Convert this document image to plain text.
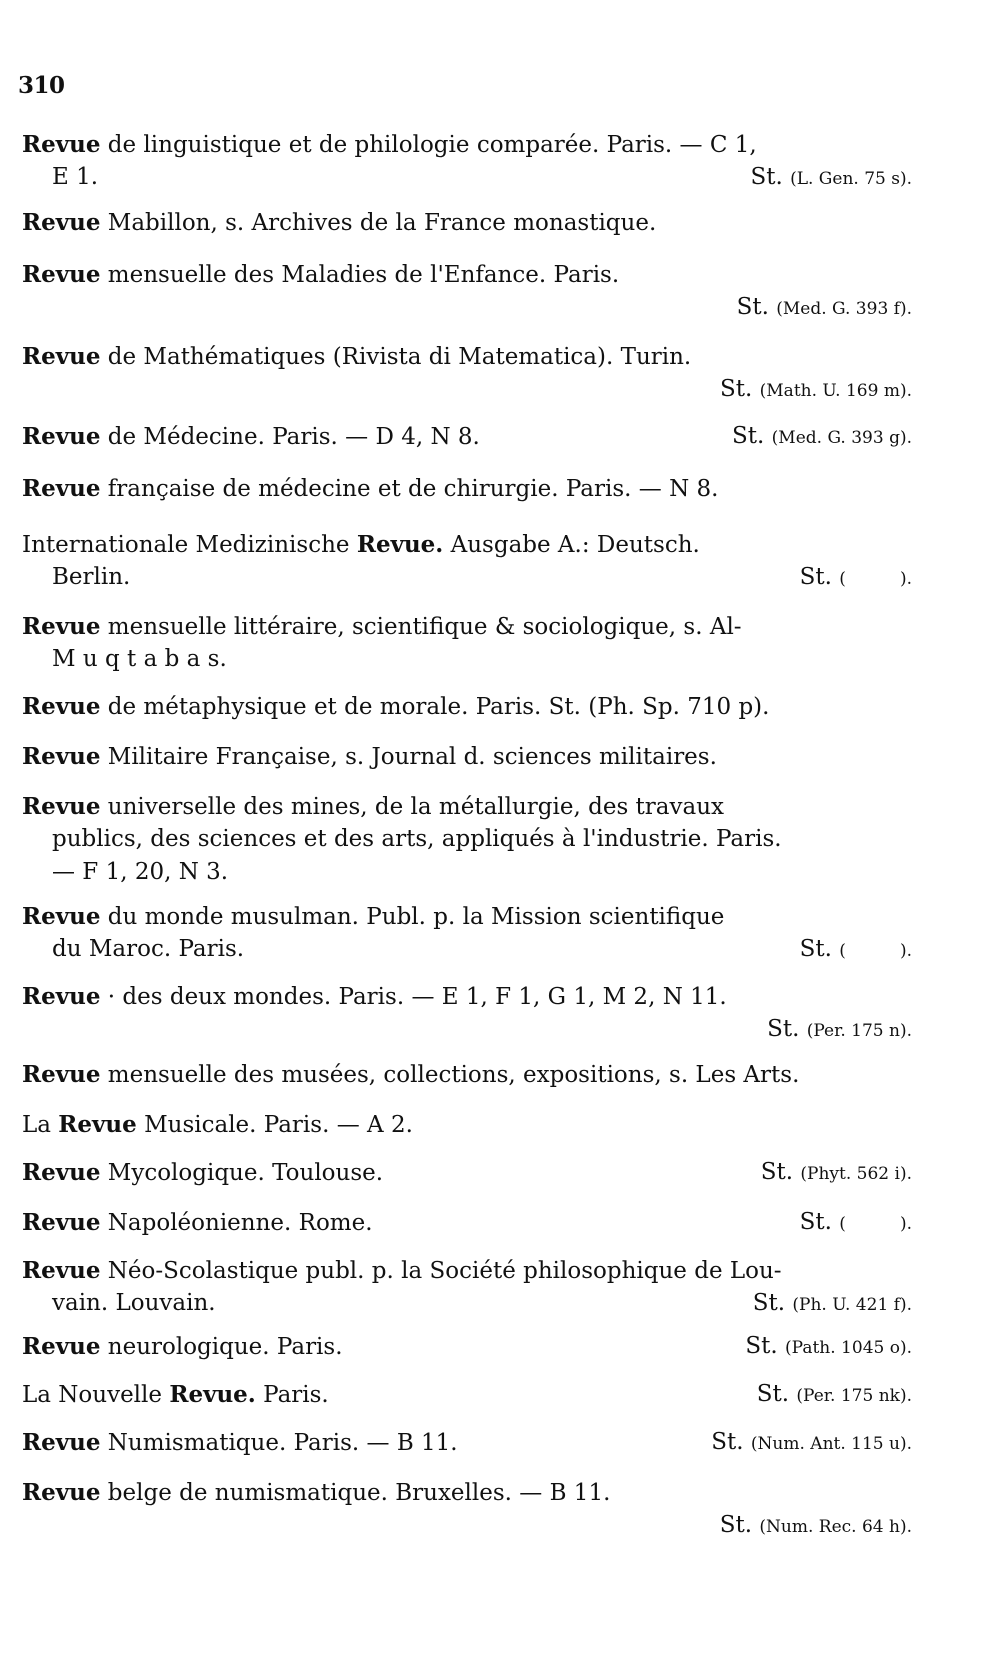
310
Revue de linguistique et de philologie comparée. Paris. — C 1,
E 1.	St. (L. Gen. 75 s).
Revue Mabillon, s. Archives de la France monastique.
Revue mensuelle des Maladies de l'Enfance. Paris.
St. (Med. G. 393 f).
Revue de Mathématiques (Rivista di Matematica). Turin.
St. (Math. U. 169 m).
Revue de Médecine. Paris. — D 4, N 8.	St. (Med. G. 393 g).
Revue française de médecine et de chirurgie. Paris. — N 8.
Internationale Medizinische Revue. Ausgabe A.: Deutsch.
Berlin.	St. (          ).
Revue mensuelle littéraire, scientifique & sociologique, s. Al-
M u q t a b a s.
Revue de métaphysique et de morale. Paris. St. (Ph. Sp. 710 p).
Revue Militaire Française, s. Journal d. sciences militaires.
Revue universelle des mines, de la métallurgie, des travaux
publics, des sciences et des arts, appliqués à l'industrie. Paris.
— F 1, 20, N 3.
Revue du monde musulman. Publ. p. la Mission scientifique
du Maroc. Paris.	St. (          ).
Revue · des deux mondes. Paris. — E 1, F 1, G 1, M 2, N 11.
St. (Per. 175 n).
Revue mensuelle des musées, collections, expositions, s. Les Arts.
La Revue Musicale. Paris. — A 2.
Revue Mycologique. Toulouse.	St. (Phyt. 562 i).
Revue Napoléonienne. Rome.	St. (          ).
Revue Néo-Scolastique publ. p. la Société philosophique de Lou-
vain. Louvain.	St. (Ph. U. 421 f).
Revue neurologique. Paris.	St. (Path. 1045 o).
La Nouvelle Revue. Paris.	St. (Per. 175 nk).
Revue Numismatique. Paris. — B 11.	St. (Num. Ant. 115 u).
Revue belge de numismatique. Bruxelles. — B 11.
St. (Num. Rec. 64 h).
